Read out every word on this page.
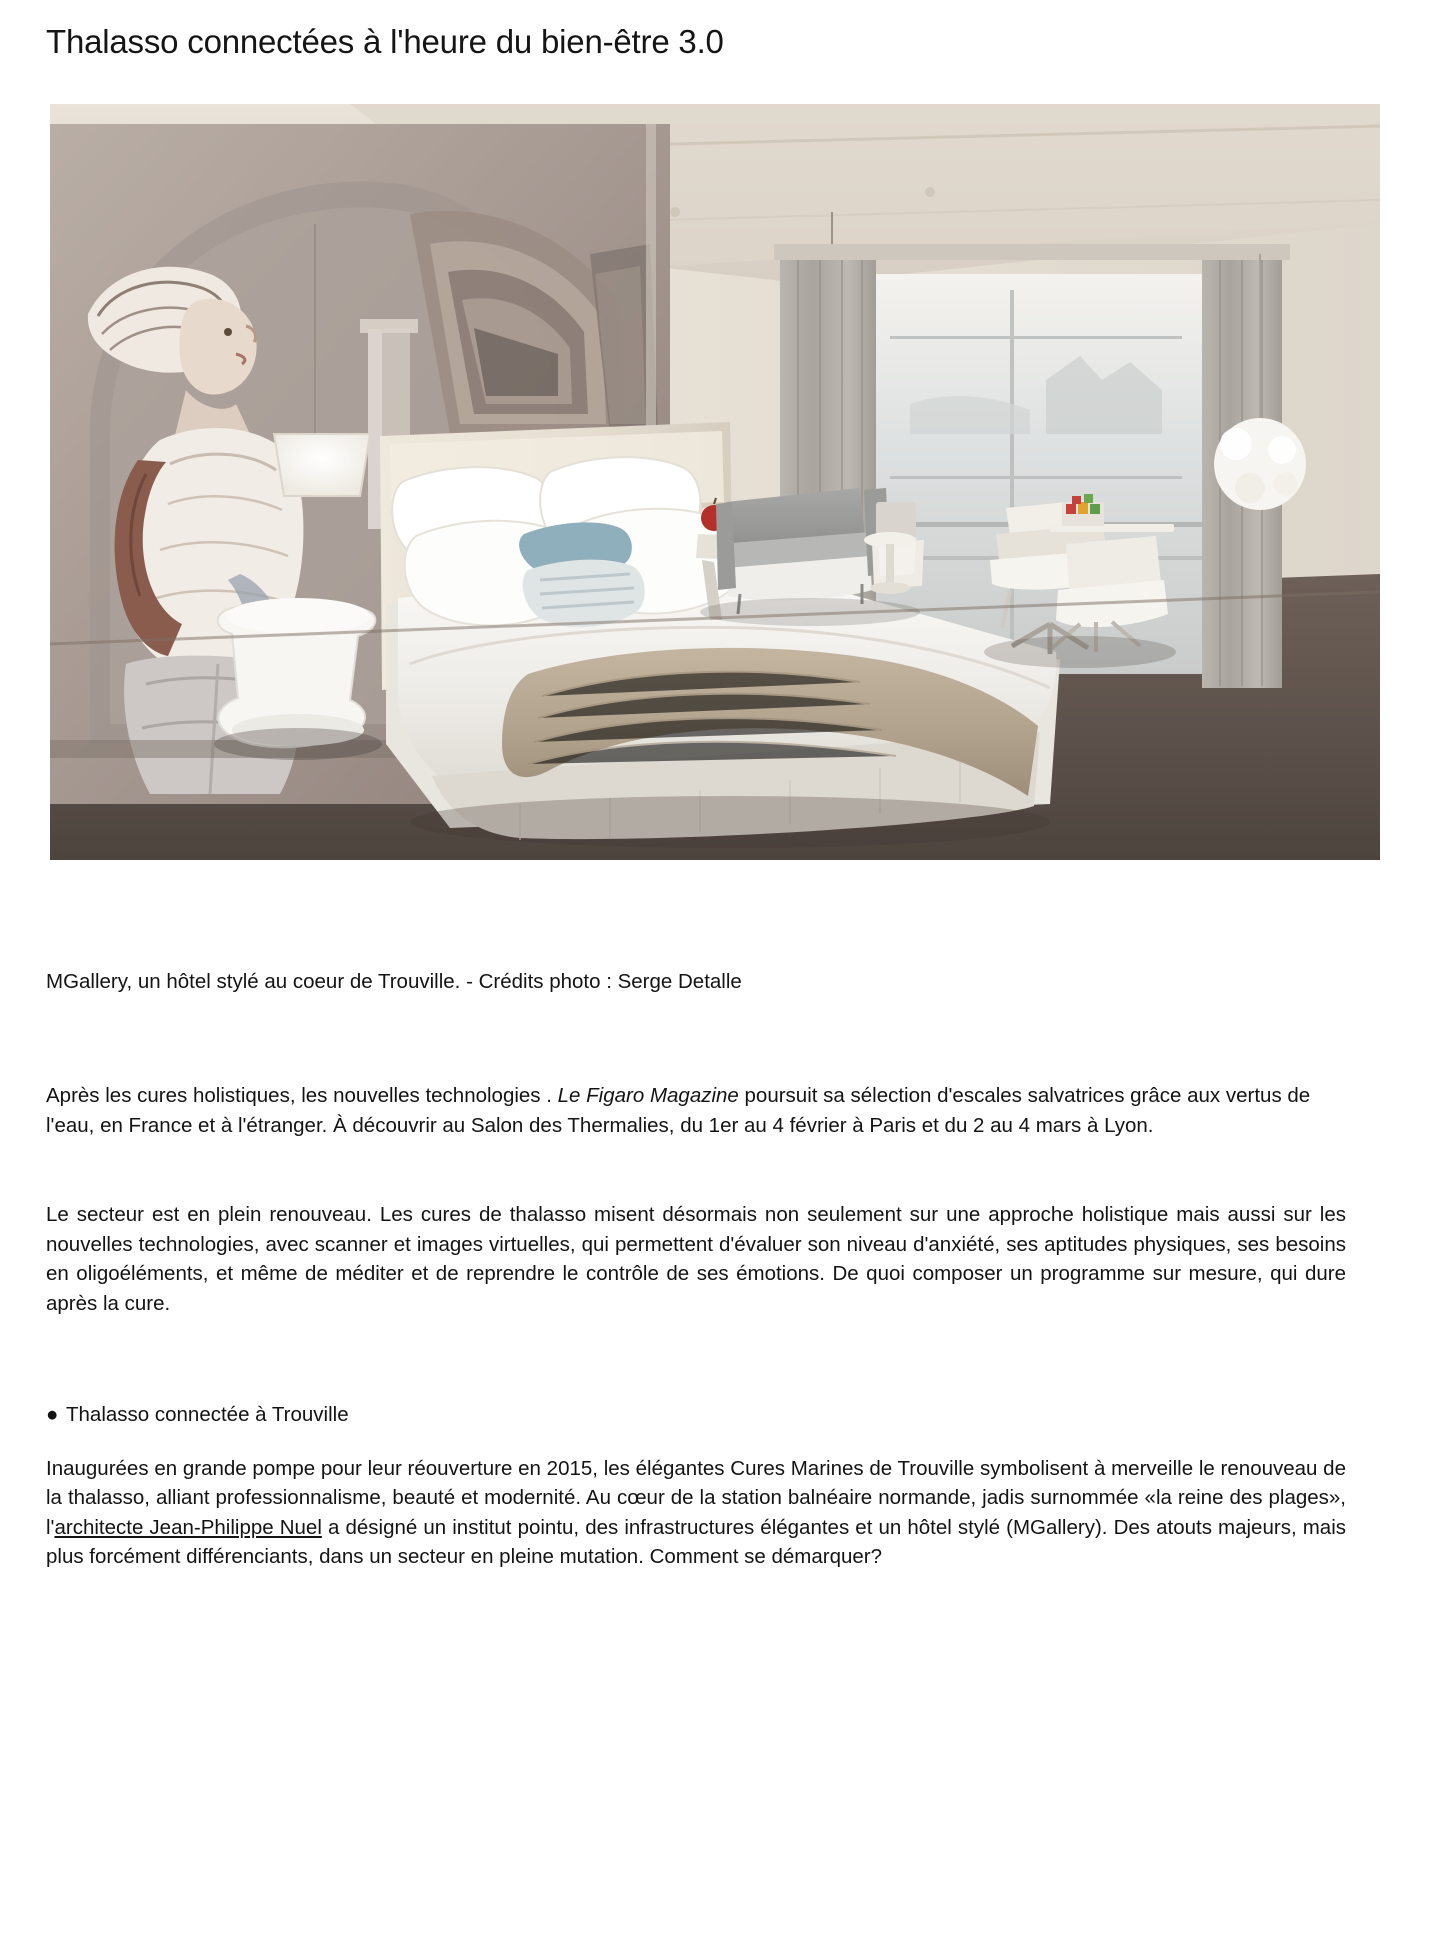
Thalasso connectées à l'heure du bien-être 3.0
MGallery, un hôtel stylé au coeur de Trouville. - Crédits photo : Serge Detalle

Après les cures holistiques, les nouvelles technologies . Le Figaro Magazine poursuit sa sélection d'escales salvatrices grâce aux vertus de l'eau, en France et à l'étranger. À découvrir au Salon des Thermalies, du 1er au 4 février à Paris et du 2 au 4 mars à Lyon.

Le secteur est en plein renouveau. Les cures de thalasso misent désormais non seulement sur une approche holistique mais aussi sur les nouvelles technologies, avec scanner et images virtuelles, qui permettent d'évaluer son niveau d'anxiété, ses aptitudes physiques, ses besoins en oligoéléments, et même de méditer et de reprendre le contrôle de ses émotions. De quoi composer un programme sur mesure, qui dure après la cure.

● Thalasso connectée à Trouville

Inaugurées en grande pompe pour leur réouverture en 2015, les élégantes Cures Marines de Trouville symbolisent à merveille le renouveau de la thalasso, alliant professionnalisme, beauté et modernité. Au cœur de la station balnéaire normande, jadis surnommée «la reine des plages», l'architecte Jean-Philippe Nuel a désigné un institut pointu, des infrastructures élégantes et un hôtel stylé (MGallery). Des atouts majeurs, mais plus forcément différenciants, dans un secteur en pleine mutation. Comment se démarquer?
